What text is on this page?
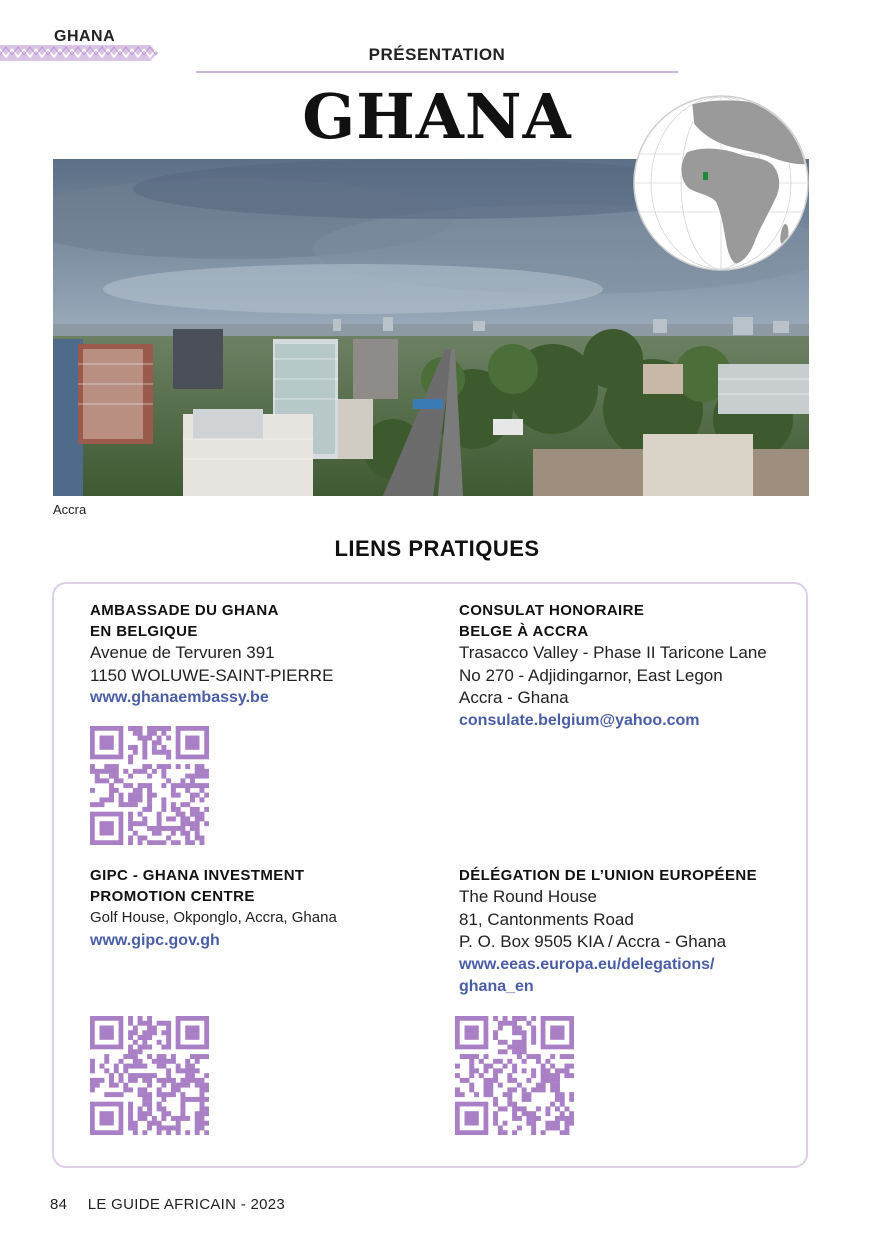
GHANA
PRÉSENTATION
GHANA
Accra
LIENS PRATIQUES
AMBASSADE DU GHANA
EN BELGIQUE
Avenue de Tervuren 391
1150 WOLUWE-SAINT-PIERRE
www.ghanaembassy.be
CONSULAT HONORAIRE
BELGE À ACCRA
Trasacco Valley - Phase II Taricone Lane
No 270 - Adjidingarnor, East Legon
Accra - Ghana
consulate.belgium@yahoo.com
GIPC - GHANA INVESTMENT
PROMOTION CENTRE
Golf House, Okponglo, Accra, Ghana
www.gipc.gov.gh
DÉLÉGATION DE L’UNION EUROPÉENE
The Round House
81, Cantonments Road
P. O. Box 9505 KIA / Accra - Ghana
www.eeas.europa.eu/delegations/
ghana_en
84 LE GUIDE AFRICAIN - 2023
